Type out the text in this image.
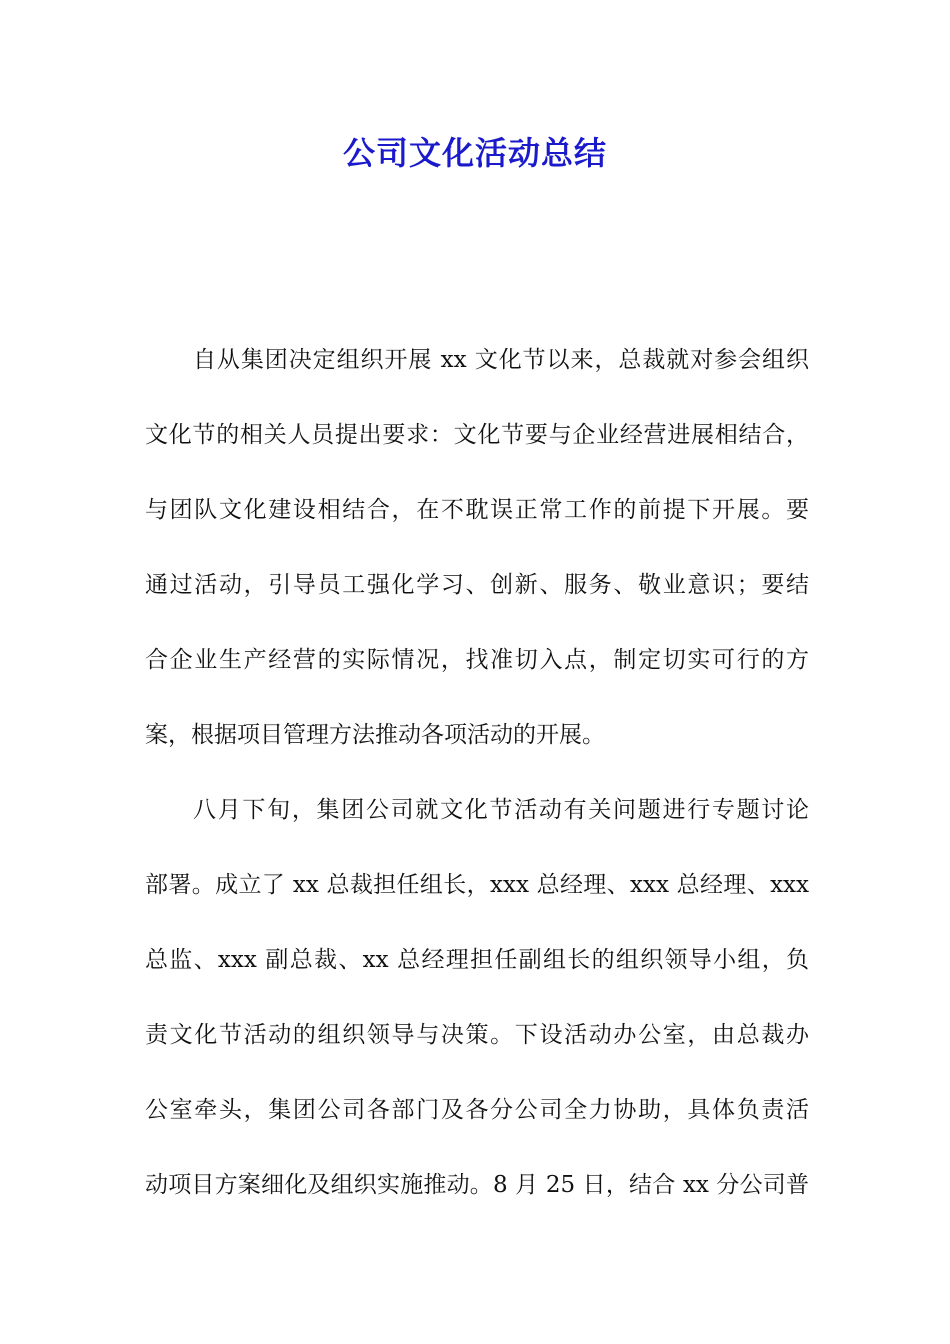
公司文化活动总结
自从集团决定组织开展 xx 文化节以来，总裁就对参会组织
文化节的相关人员提出要求：文化节要与企业经营进展相结合，
与团队文化建设相结合，在不耽误正常工作的前提下开展。要
通过活动，引导员工强化学习、创新、服务、敬业意识；要结
合企业生产经营的实际情况，找准切入点，制定切实可行的方
案，根据项目管理方法推动各项活动的开展。
八月下旬，集团公司就文化节活动有关问题进行专题讨论
部署。成立了 xx 总裁担任组长，xxx 总经理、xxx 总经理、xxx
总监、xxx 副总裁、xx 总经理担任副组长的组织领导小组，负
责文化节活动的组织领导与决策。下设活动办公室，由总裁办
公室牵头，集团公司各部门及各分公司全力协助，具体负责活
动项目方案细化及组织实施推动。8 月 25 日，结合 xx 分公司普
